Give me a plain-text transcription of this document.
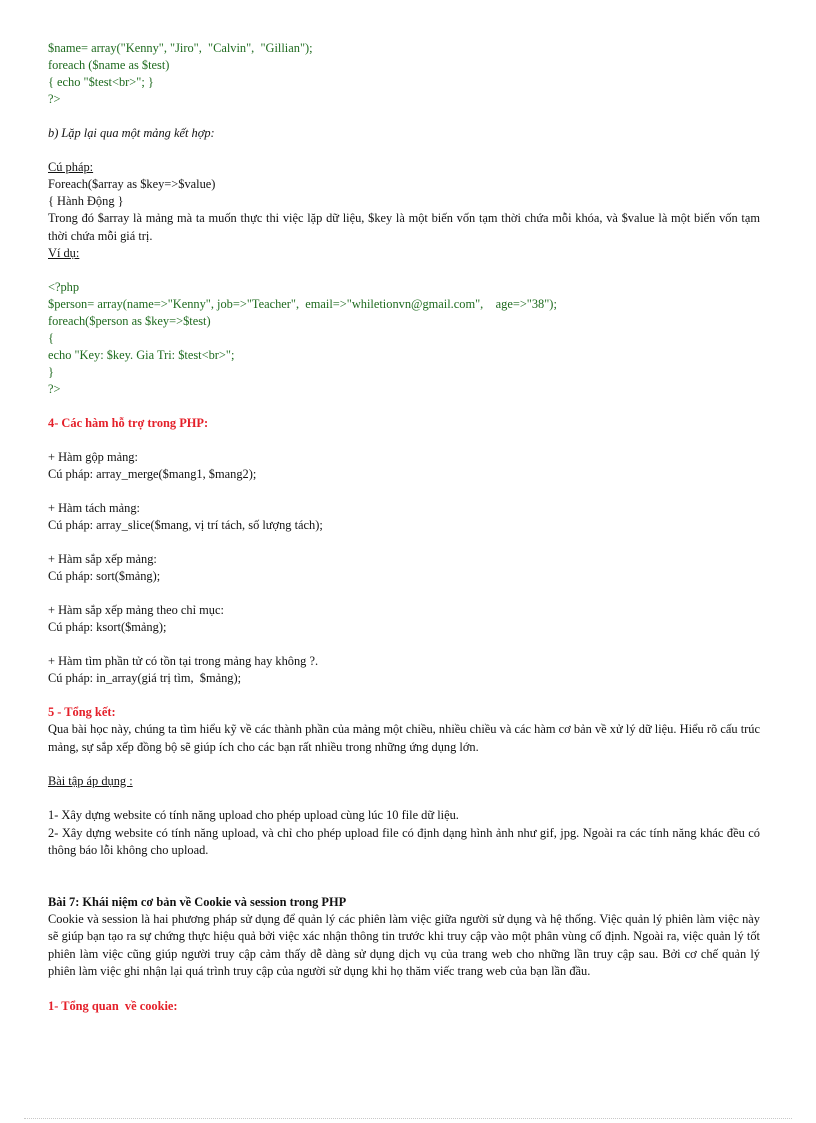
$name= array("Kenny", "Jiro",  "Calvin",  "Gillian");
foreach ($name as $test)
{ echo "$test<br>"; }
?>
b) Lặp lại qua một mảng kết hợp:
Cú pháp:
Foreach($array as $key=>$value)
{ Hành Động }
Trong đó $array là mảng mà ta muốn thực thi việc lặp dữ liệu, $key là một biến vốn tạm thời chứa mỗi khóa, và $value là một biến vốn tạm thời chứa mỗi giá trị.
Ví dụ:
<?php
$person= array(name=>"Kenny", job=>"Teacher",  email=>"whiletionvn@gmail.com",    age=>"38");
foreach($person as $key=>$test)
{
echo "Key: $key. Gia Tri: $test<br>";
}
?>
4- Các hàm hỗ trợ trong PHP:
+ Hàm gộp mảng:
Cú pháp: array_merge($mang1, $mang2);
+ Hàm tách mảng:
Cú pháp: array_slice($mang, vị trí tách, số lượng tách);
+ Hàm sắp xếp mảng:
Cú pháp: sort($mảng);
+ Hàm sắp xếp mảng theo chỉ mục:
Cú pháp: ksort($mảng);
+ Hàm tìm phần tử có tồn tại trong mảng hay không ?.
Cú pháp: in_array(giá trị tìm,  $mảng);
5 - Tổng kết:
Qua bài học này, chúng ta tìm hiểu kỹ về các thành phần của mảng một chiều, nhiều chiều và các hàm cơ bản về xử lý dữ liệu. Hiểu rõ cấu trúc mảng, sự sắp xếp đồng bộ sẽ giúp ích cho các bạn rất nhiều trong những ứng dụng lớn.
Bài tập áp dụng :
1- Xây dựng website có tính năng upload cho phép upload cùng lúc 10 file dữ liệu.
2- Xây dựng website có tính năng upload, và chỉ cho phép upload file có định dạng hình ảnh như gif, jpg. Ngoài ra các tính năng khác đều có thông báo lỗi không cho upload.
Bài 7: Khái niệm cơ bản về Cookie và session trong PHP
Cookie và session là hai phương pháp sử dụng để quản lý các phiên làm việc giữa người sử dụng và hệ thống. Việc quản lý phiên làm việc này sẽ giúp bạn tạo ra sự chứng thực hiệu quả bởi việc xác nhận thông tin trước khi truy cập vào một phân vùng cố định. Ngoài ra, việc quản lý tốt phiên làm việc cũng giúp người truy cập cảm thấy dễ dàng sử dụng dịch vụ của trang web cho những lần truy cập sau. Bởi cơ chế quản lý phiên làm việc ghi nhận lại quá trình truy cập của người sử dụng khi họ thăm viếc trang web của bạn lần đầu.
1- Tổng quan  về cookie:
